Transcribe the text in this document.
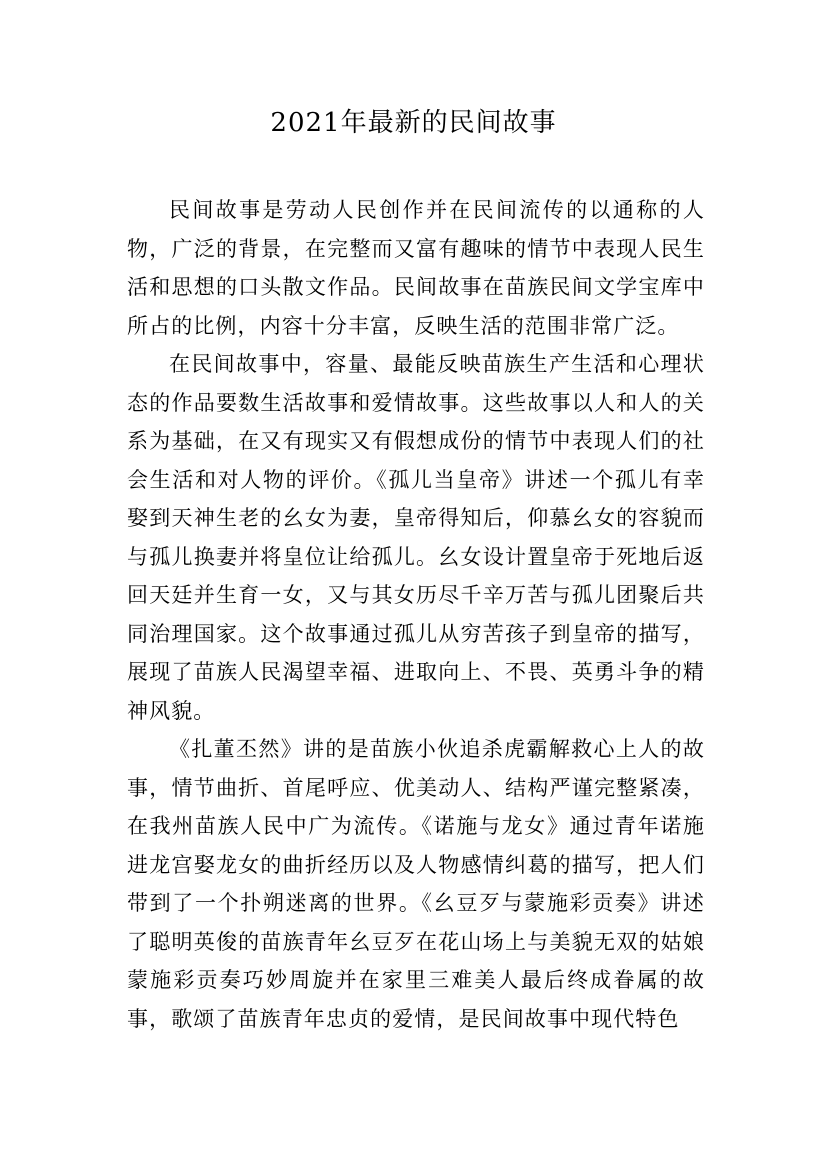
2021年最新的民间故事

民间故事是劳动人民创作并在民间流传的以通称的人物，广泛的背景，在完整而又富有趣味的情节中表现人民生活和思想的口头散文作品。民间故事在苗族民间文学宝库中所占的比例，内容十分丰富，反映生活的范围非常广泛。

在民间故事中，容量、最能反映苗族生产生活和心理状态的作品要数生活故事和爱情故事。这些故事以人和人的关系为基础，在又有现实又有假想成份的情节中表现人们的社会生活和对人物的评价。《孤儿当皇帝》讲述一个孤儿有幸娶到天神生老的幺女为妻，皇帝得知后，仰慕幺女的容貌而与孤儿换妻并将皇位让给孤儿。幺女设计置皇帝于死地后返回天廷并生育一女，又与其女历尽千辛万苦与孤儿团聚后共同治理国家。这个故事通过孤儿从穷苦孩子到皇帝的描写，展现了苗族人民渴望幸福、进取向上、不畏、英勇斗争的精神风貌。

《扎董丕然》讲的是苗族小伙追杀虎霸解救心上人的故事，情节曲折、首尾呼应、优美动人、结构严谨完整紧凑，在我州苗族人民中广为流传。《诺施与龙女》通过青年诺施进龙宫娶龙女的曲折经历以及人物感情纠葛的描写，把人们带到了一个扑朔迷离的世界。《幺豆歹与蒙施彩贡奏》讲述了聪明英俊的苗族青年幺豆歹在花山场上与美貌无双的姑娘蒙施彩贡奏巧妙周旋并在家里三难美人最后终成眷属的故事，歌颂了苗族青年忠贞的爱情，是民间故事中现代特色
